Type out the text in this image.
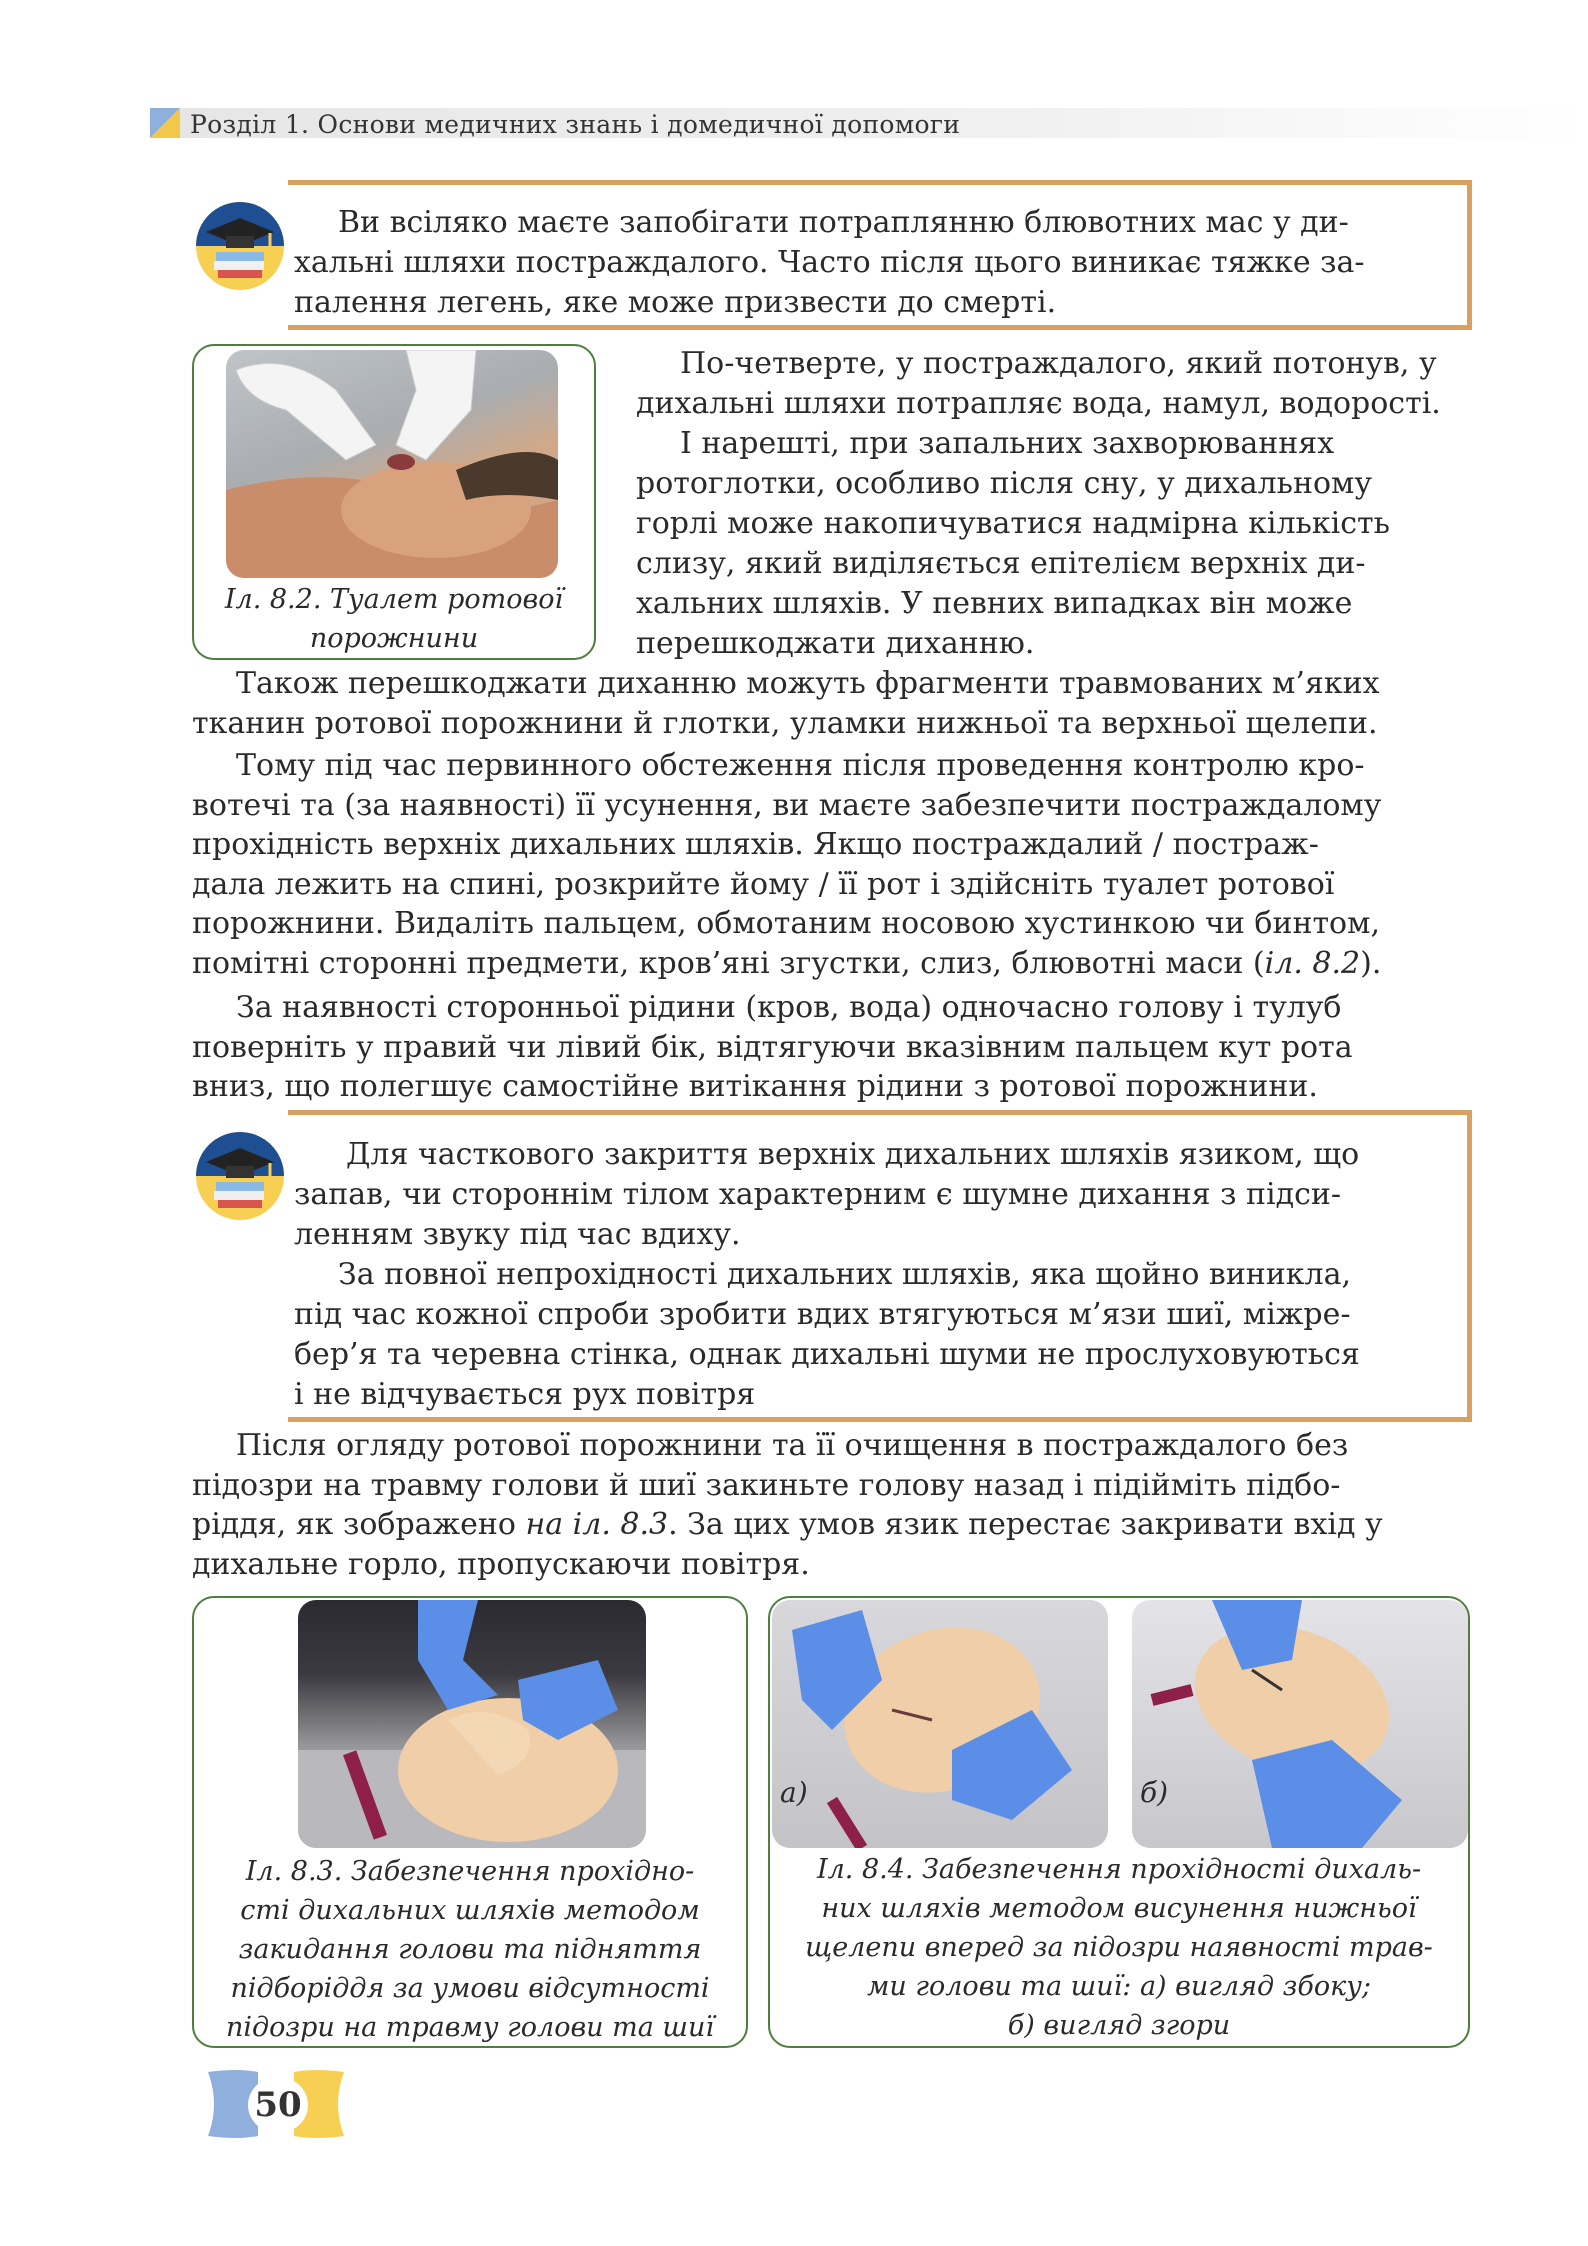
Розділ 1. Основи медичних знань і домедичної допомоги
Ви всіляко маєте запобігати потраплянню блювотних мас у ди-
хальні шляхи постраждалого. Часто після цього виникає тяжке за-
палення легень, яке може призвести до смерті.
Іл. 8.2. Туалет ротової
порожнини
По-четверте, у постраждалого, який потонув, у
дихальні шляхи потрапляє вода, намул, водорості.
І нарешті, при запальних захворюваннях
ротоглотки, особливо після сну, у дихальному
горлі може накопичуватися надмірна кількість
слизу, який виділяється епітелієм верхніх ди-
хальних шляхів. У певних випадках він може
перешкоджати диханню.
Також перешкоджати диханню можуть фрагменти травмованих м’яких
тканин ротової порожнини й глотки, уламки нижньої та верхньої щелепи.
Тому під час первинного обстеження після проведення контролю кро-
вотечі та (за наявності) її усунення, ви маєте забезпечити постраждалому
прохідність верхніх дихальних шляхів. Якщо постраждалий / постраж-
дала лежить на спині, розкрийте йому / її рот і здійсніть туалет ротової
порожнини. Видаліть пальцем, обмотаним носовою хустинкою чи бинтом,
помітні сторонні предмети, кров’яні згустки, слиз, блювотні маси (іл. 8.2).
За наявності сторонньої рідини (кров, вода) одночасно голову і тулуб
поверніть у правий чи лівий бік, відтягуючи вказівним пальцем кут рота
вниз, що полегшує самостійне витікання рідини з ротової порожнини.
Для часткового закриття верхніх дихальних шляхів язиком, що
запав, чи стороннім тілом характерним є шумне дихання з підси-
ленням звуку під час вдиху.
За повної непрохідності дихальних шляхів, яка щойно виникла,
під час кожної спроби зробити вдих втягуються м’язи шиї, міжре-
бер’я та черевна стінка, однак дихальні шуми не прослуховуються
і не відчувається рух повітря
Після огляду ротової порожнини та її очищення в постраждалого без
підозри на травму голови й шиї закиньте голову назад і підійміть підбо-
ріддя, як зображено на іл. 8.3. За цих умов язик перестає закривати вхід у
дихальне горло, пропускаючи повітря.
Іл. 8.3. Забезпечення прохідно-
сті дихальних шляхів методом
закидання голови та підняття
підборіддя за умови відсутності
підозри на травму голови та шиї
а)	б)
Іл. 8.4. Забезпечення прохідності дихаль-
них шляхів методом висунення нижньої
щелепи вперед за підозри наявності трав-
ми голови та шиї: а) вигляд збоку;
б) вигляд згори
50
